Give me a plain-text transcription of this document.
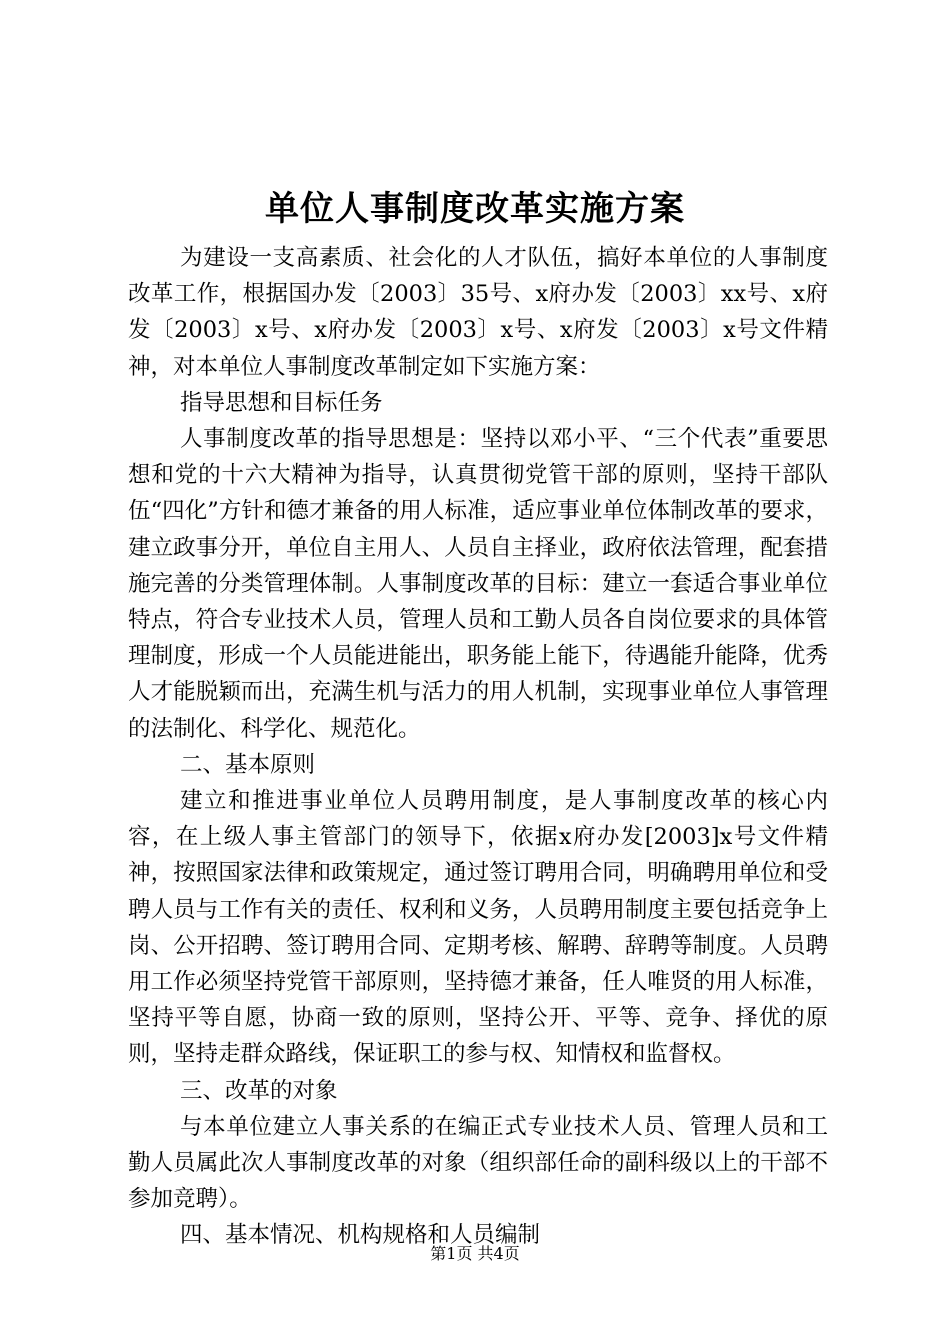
单位人事制度改革实施方案

为建设一支高素质、社会化的人才队伍，搞好本单位的人事制度改革工作，根据国办发〔2003〕35号、x府办发〔2003〕xx号、x府发〔2003〕x号、x府办发〔2003〕x号、x府发〔2003〕x号文件精神，对本单位人事制度改革制定如下实施方案：

指导思想和目标任务

人事制度改革的指导思想是：坚持以邓小平、“三个代表”重要思想和党的十六大精神为指导，认真贯彻党管干部的原则，坚持干部队伍“四化”方针和德才兼备的用人标准，适应事业单位体制改革的要求，建立政事分开，单位自主用人、人员自主择业，政府依法管理，配套措施完善的分类管理体制。人事制度改革的目标：建立一套适合事业单位特点，符合专业技术人员，管理人员和工勤人员各自岗位要求的具体管理制度，形成一个人员能进能出，职务能上能下，待遇能升能降，优秀人才能脱颖而出，充满生机与活力的用人机制，实现事业单位人事管理的法制化、科学化、规范化。

二、基本原则

建立和推进事业单位人员聘用制度，是人事制度改革的核心内容，在上级人事主管部门的领导下，依据x府办发[2003]x号文件精神，按照国家法律和政策规定，通过签订聘用合同，明确聘用单位和受聘人员与工作有关的责任、权利和义务，人员聘用制度主要包括竞争上岗、公开招聘、签订聘用合同、定期考核、解聘、辞聘等制度。人员聘用工作必须坚持党管干部原则，坚持德才兼备，任人唯贤的用人标准，坚持平等自愿，协商一致的原则，坚持公开、平等、竞争、择优的原则，坚持走群众路线，保证职工的参与权、知情权和监督权。

三、改革的对象

与本单位建立人事关系的在编正式专业技术人员、管理人员和工勤人员属此次人事制度改革的对象（组织部任命的副科级以上的干部不参加竞聘）。

四、基本情况、机构规格和人员编制

第1页 共4页
